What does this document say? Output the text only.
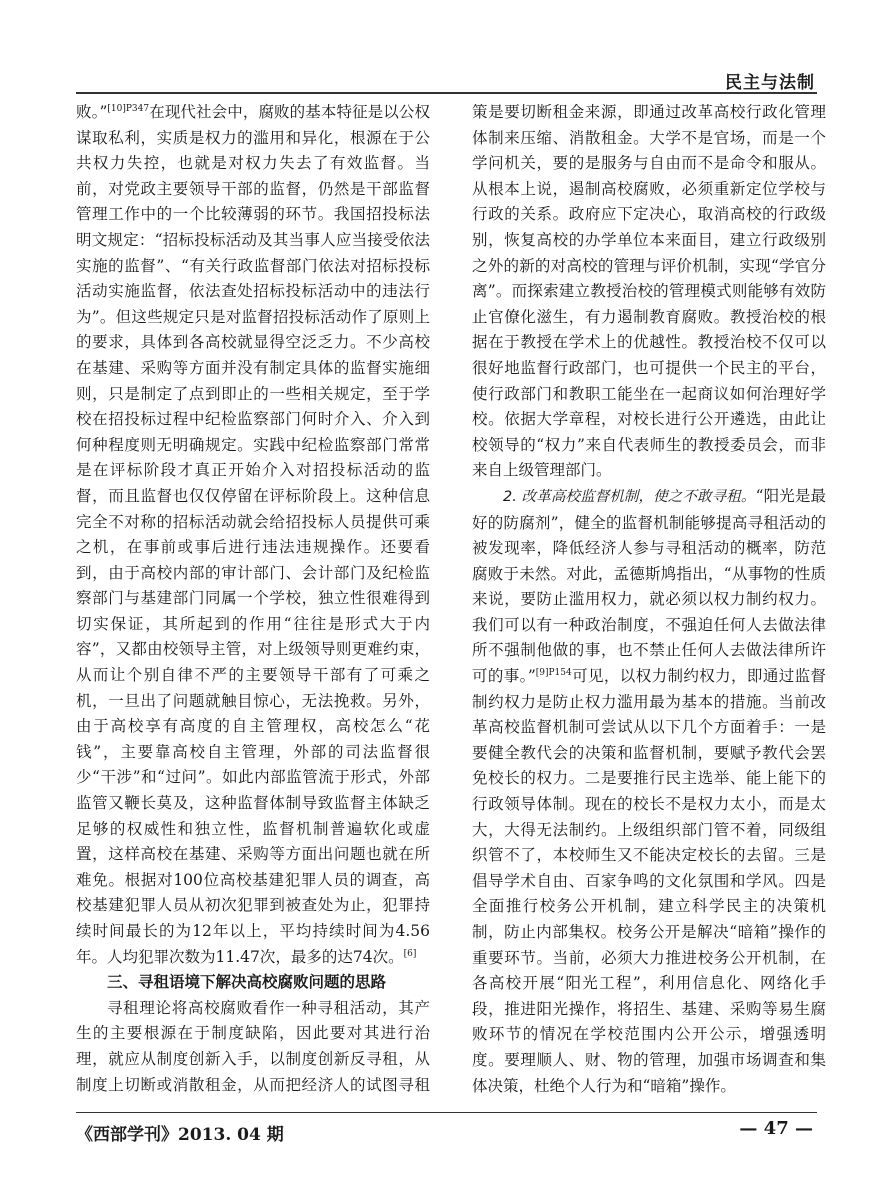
民主与法制

败。”$^{[10]P347}$在现代社会中，腐败的基本特征是以公权谋取私利，实质是权力的滥用和异化，根源在于公共权力失控，也就是对权力失去了有效监督。当前，对党政主要领导干部的监督，仍然是干部监督管理工作中的一个比较薄弱的环节。我国招投标法明文规定：“招标投标活动及其当事人应当接受依法实施的监督”、“有关行政监督部门依法对招标投标活动实施监督，依法查处招标投标活动中的违法行为”。但这些规定只是对监督招投标活动作了原则上的要求，具体到各高校就显得空泛乏力。不少高校在基建、采购等方面并没有制定具体的监督实施细则，只是制定了点到即止的一些相关规定，至于学校在招投标过程中纪检监察部门何时介入、介入到何种程度则无明确规定。实践中纪检监察部门常常是在评标阶段才真正开始介入对招投标活动的监督，而且监督也仅仅停留在评标阶段上。这种信息完全不对称的招标活动就会给招投标人员提供可乘之机，在事前或事后进行违法违规操作。还要看到，由于高校内部的审计部门、会计部门及纪检监察部门与基建部门同属一个学校，独立性很难得到切实保证，其所起到的作用“往往是形式大于内容”，又都由校领导主管，对上级领导则更难约束，从而让个别自律不严的主要领导干部有了可乘之机，一旦出了问题就触目惊心，无法挽救。另外，由于高校享有高度的自主管理权，高校怎么“花钱”，主要靠高校自主管理，外部的司法监督很少“干涉”和“过问”。如此内部监管流于形式，外部监管又鞭长莫及，这种监督体制导致监督主体缺乏足够的权威性和独立性，监督机制普遍软化或虚置，这样高校在基建、采购等方面出问题也就在所难免。根据对100位高校基建犯罪人员的调查，高校基建犯罪人员从初次犯罪到被查处为止，犯罪持续时间最长的为12年以上，平均持续时间为4.56年。人均犯罪次数为11.47次，最多的达74次。[6]

三、寻租语境下解决高校腐败问题的思路

寻租理论将高校腐败看作一种寻租活动，其产生的主要根源在于制度缺陷，因此要对其进行治理，就应从制度创新入手，以制度创新反寻租，从制度上切断或消散租金，从而把经济人的试图寻租

策是要切断租金来源，即通过改革高校行政化管理体制来压缩、消散租金。大学不是官场，而是一个学问机关，要的是服务与自由而不是命令和服从。从根本上说，遏制高校腐败，必须重新定位学校与行政的关系。政府应下定决心，取消高校的行政级别，恢复高校的办学单位本来面目，建立行政级别之外的新的对高校的管理与评价机制，实现“学官分离”。而探索建立教授治校的管理模式则能够有效防止官僚化滋生，有力遏制教育腐败。教授治校的根据在于教授在学术上的优越性。教授治校不仅可以很好地监督行政部门，也可提供一个民主的平台，使行政部门和教职工能坐在一起商议如何治理好学校。依据大学章程，对校长进行公开遴选，由此让校领导的“权力”来自代表师生的教授委员会，而非来自上级管理部门。

2. 改革高校监督机制，使之不敢寻租。“阳光是最好的防腐剂”，健全的监督机制能够提高寻租活动的被发现率，降低经济人参与寻租活动的概率，防范腐败于未然。对此，孟德斯鸠指出，“从事物的性质来说，要防止滥用权力，就必须以权力制约权力。我们可以有一种政治制度，不强迫任何人去做法律所不强制他做的事，也不禁止任何人去做法律所许可的事。”$^{[9]P154}$可见，以权力制约权力，即通过监督制约权力是防止权力滥用最为基本的措施。当前改革高校监督机制可尝试从以下几个方面着手：一是要健全教代会的决策和监督机制，要赋予教代会罢免校长的权力。二是要推行民主选举、能上能下的行政领导体制。现在的校长不是权力太小，而是太大，大得无法制约。上级组织部门管不着，同级组织管不了，本校师生又不能决定校长的去留。三是倡导学术自由、百家争鸣的文化氛围和学风。四是全面推行校务公开机制，建立科学民主的决策机制，防止内部集权。校务公开是解决“暗箱”操作的重要环节。当前，必须大力推进校务公开机制，在各高校开展“阳光工程”，利用信息化、网络化手段，推进阳光操作，将招生、基建、采购等易生腐败环节的情况在学校范围内公开公示，增强透明度。要理顺人、财、物的管理，加强市场调查和集体决策，杜绝个人行为和“暗箱”操作。

《西部学刊》2013. 04 期	— 47 —
